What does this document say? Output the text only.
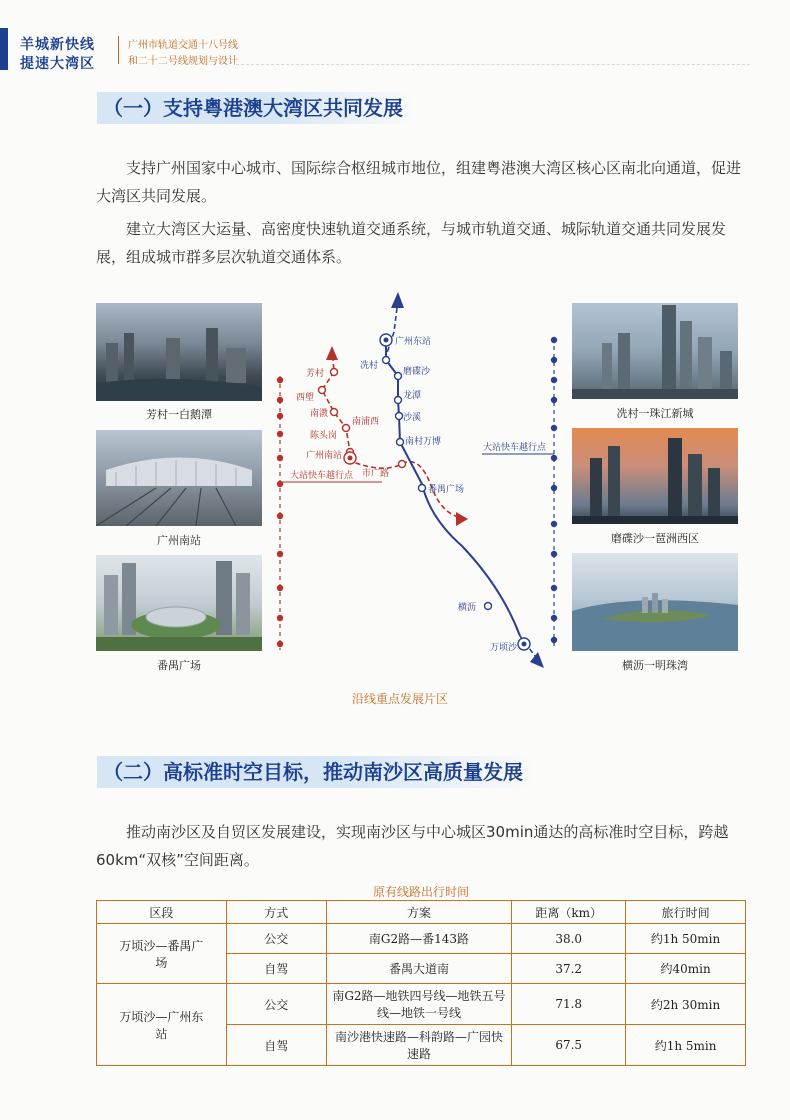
羊城新快线
提速大湾区
广州市轨道交通十八号线
和二十二号线规划与设计
（一）支持粤港澳大湾区共同发展
支持广州国家中心城市、国际综合枢纽城市地位，组建粤港澳大湾区核心区南北向通道，促进大湾区共同发展。
建立大湾区大运量、高密度快速轨道交通系统，与城市轨道交通、城际轨道交通共同发展发展，组成城市群多层次轨道交通体系。
芳村一白鹅潭
广州南站
番禺广场
冼村一珠江新城
磨碟沙一琶洲西区
横沥一明珠湾
大站快车越行点
大站快车越行点
芳村
西塱
南漖
南浦西
陈头岗
广州南站
市广路
广州东站
冼村
磨碟沙
龙潭
沙溪
南村万博
番禺广场
横沥
万顷沙
沿线重点发展片区
（二）高标准时空目标，推动南沙区高质量发展
推动南沙区及自贸区发展建设，实现南沙区与中心城区30min通达的高标准时空目标，跨越60km“双核”空间距离。
原有线路出行时间
区段	方式	方案	距离（km）	旅行时间
万顷沙—番禺广场	公交	南G2路—番143路	38.0	约1h 50min
	自驾	番禺大道南	37.2	约40min
万顷沙—广州东站	公交	南G2路—地铁四号线—地铁五号线—地铁一号线	71.8	约2h 30min
	自驾	南沙港快速路—科韵路—广园快速路	67.5	约1h 5min
